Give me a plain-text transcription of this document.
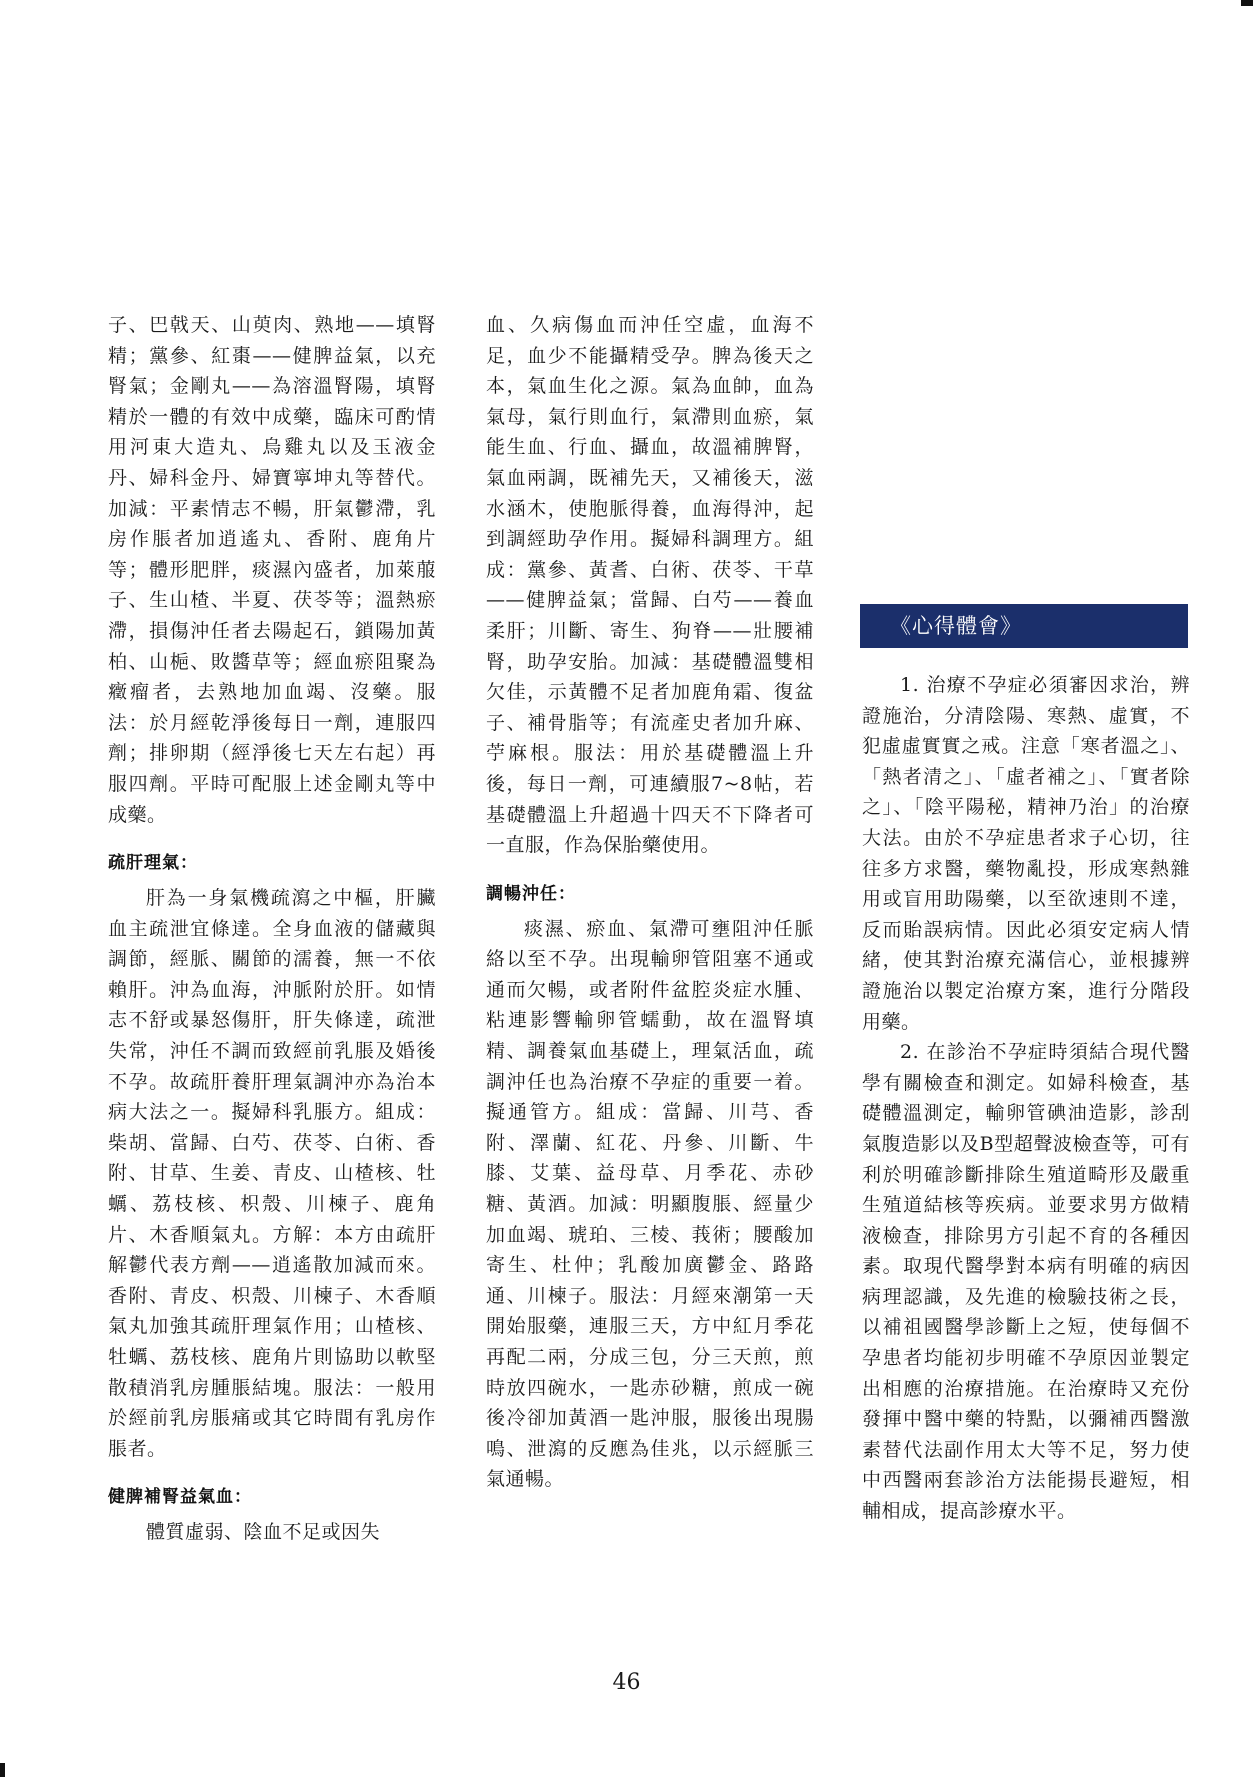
子、巴戟天、山萸肉、熟地——填腎精；黨參、紅棗——健脾益氣，以充腎氣；金剛丸——為溶溫腎陽，填腎精於一體的有效中成藥，臨床可酌情用河東大造丸、烏雞丸以及玉液金丹、婦科金丹、婦寶寧坤丸等替代。加減：平素情志不暢，肝氣鬱滯，乳房作脹者加逍遙丸、香附、鹿角片等；體形肥胖，痰濕內盛者，加萊菔子、生山楂、半夏、茯苓等；溫熱瘀滯，損傷沖任者去陽起石，鎖陽加黃柏、山梔、敗醬草等；經血瘀阻聚為癥瘤者，去熟地加血竭、沒藥。服法：於月經乾淨後每日一劑，連服四劑；排卵期（經淨後七天左右起）再服四劑。平時可配服上述金剛丸等中成藥。

疏肝理氣：

肝為一身氣機疏瀉之中樞，肝臟血主疏泄宜條達。全身血液的儲藏與調節，經脈、關節的濡養，無一不依賴肝。沖為血海，沖脈附於肝。如情志不舒或暴怒傷肝，肝失條達，疏泄失常，沖任不調而致經前乳脹及婚後不孕。故疏肝養肝理氣調沖亦為治本病大法之一。擬婦科乳脹方。組成：柴胡、當歸、白芍、茯苓、白術、香附、甘草、生姜、青皮、山楂核、牡蠣、荔枝核、枳殼、川楝子、鹿角片、木香順氣丸。方解：本方由疏肝解鬱代表方劑——逍遙散加減而來。香附、青皮、枳殼、川楝子、木香順氣丸加強其疏肝理氣作用；山楂核、牡蠣、荔枝核、鹿角片則協助以軟堅散積消乳房腫脹結塊。服法：一般用於經前乳房脹痛或其它時間有乳房作脹者。

健脾補腎益氣血：

體質虛弱、陰血不足或因失

血、久病傷血而沖任空虛，血海不足，血少不能攝精受孕。脾為後天之本，氣血生化之源。氣為血帥，血為氣母，氣行則血行，氣滯則血瘀，氣能生血、行血、攝血，故溫補脾腎，氣血兩調，既補先天，又補後天，滋水涵木，使胞脈得養，血海得沖，起到調經助孕作用。擬婦科調理方。組成：黨參、黃耆、白術、茯苓、干草——健脾益氣；當歸、白芍——養血柔肝；川斷、寄生、狗脊——壯腰補腎，助孕安胎。加減：基礎體溫雙相欠佳，示黃體不足者加鹿角霜、復盆子、補骨脂等；有流產史者加升麻、苧麻根。服法：用於基礎體溫上升後，每日一劑，可連續服7~8帖，若基礎體溫上升超過十四天不下降者可一直服，作為保胎藥使用。

調暢沖任：

痰濕、瘀血、氣滯可壅阻沖任脈絡以至不孕。出現輸卵管阻塞不通或通而欠暢，或者附件盆腔炎症水腫、粘連影響輸卵管蠕動，故在溫腎填精、調養氣血基礎上，理氣活血，疏調沖任也為治療不孕症的重要一着。擬通管方。組成：當歸、川芎、香附、澤蘭、紅花、丹參、川斷、牛膝、艾葉、益母草、月季花、赤砂糖、黃酒。加減：明顯腹脹、經量少加血竭、琥珀、三棱、莪術；腰酸加寄生、杜仲；乳酸加廣鬱金、路路通、川楝子。服法：月經來潮第一天開始服藥，連服三天，方中紅月季花再配二兩，分成三包，分三天煎，煎時放四碗水，一匙赤砂糖，煎成一碗後冷卻加黃酒一匙沖服，服後出現腸鳴、泄瀉的反應為佳兆，以示經脈三氣通暢。

《心得體會》

1. 治療不孕症必須審因求治，辨證施治，分清陰陽、寒熱、虛實，不犯虛虛實實之戒。注意「寒者溫之」、「熱者清之」、「虛者補之」、「實者除之」、「陰平陽秘，精神乃治」的治療大法。由於不孕症患者求子心切，往往多方求醫，藥物亂投，形成寒熱雜用或盲用助陽藥，以至欲速則不達，反而貽誤病情。因此必須安定病人情緒，使其對治療充滿信心，並根據辨證施治以製定治療方案，進行分階段用藥。

2. 在診治不孕症時須結合現代醫學有關檢查和測定。如婦科檢查，基礎體溫測定，輸卵管碘油造影，診刮氣腹造影以及B型超聲波檢查等，可有利於明確診斷排除生殖道畸形及嚴重生殖道結核等疾病。並要求男方做精液檢查，排除男方引起不育的各種因素。取現代醫學對本病有明確的病因病理認識，及先進的檢驗技術之長，以補祖國醫學診斷上之短，使每個不孕患者均能初步明確不孕原因並製定出相應的治療措施。在治療時又充份發揮中醫中藥的特點，以彌補西醫激素替代法副作用太大等不足，努力使中西醫兩套診治方法能揚長避短，相輔相成，提高診療水平。

46
